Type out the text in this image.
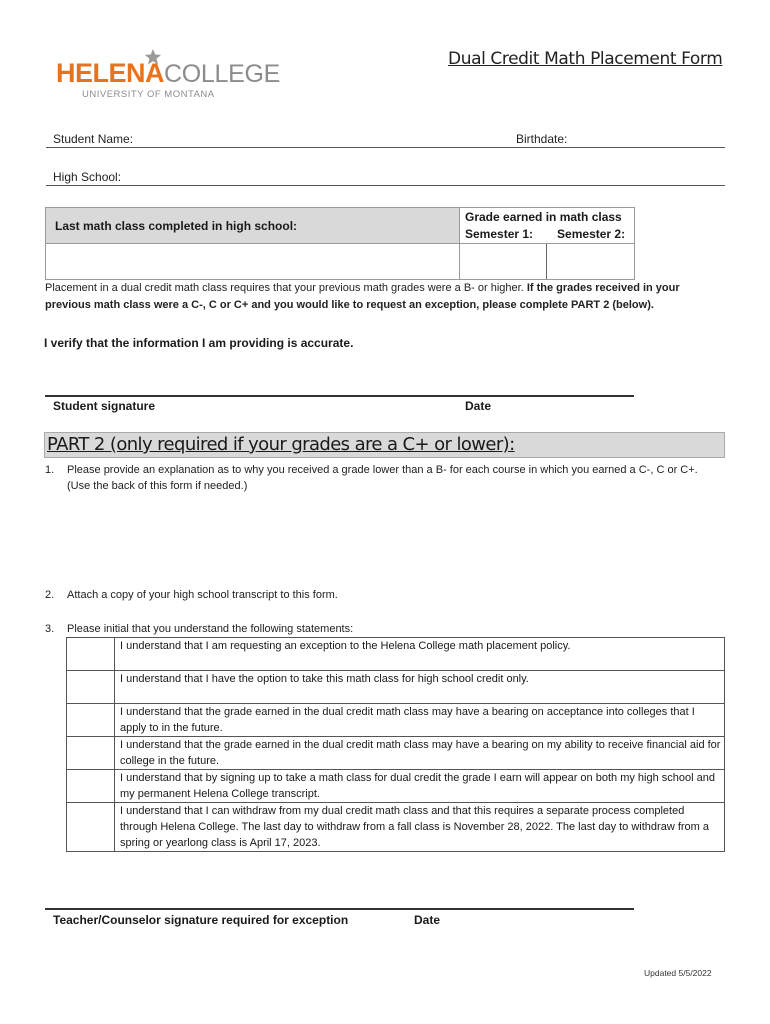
HELENACOLLEGE
UNIVERSITY OF MONTANA
Dual Credit Math Placement Form
Student Name:	Birthdate:
High School:
Last math class completed in high school:	Grade earned in math class
Semester 1: Semester 2:	

Placement in a dual credit math class requires that your previous math grades were a B- or higher. If the grades received in your previous math class were a C-, C or C+ and you would like to request an exception, please complete PART 2 (below).
I verify that the information I am providing is accurate.
Student signature	Date
PART 2 (only required if your grades are a C+ or lower):
1. Please provide an explanation as to why you received a grade lower than a B- for each course in which you earned a C-, C or C+.
(Use the back of this form if needed.)
2. Attach a copy of your high school transcript to this form.
3. Please initial that you understand the following statements:
	I understand that I am requesting an exception to the Helena College math placement policy.
	I understand that I have the option to take this math class for high school credit only.
	I understand that the grade earned in the dual credit math class may have a bearing on acceptance into colleges that I apply to in the future.
	I understand that the grade earned in the dual credit math class may have a bearing on my ability to receive financial aid for college in the future.
	I understand that by signing up to take a math class for dual credit the grade I earn will appear on both my high school and my permanent Helena College transcript.
	I understand that I can withdraw from my dual credit math class and that this requires a separate process completed through Helena College. The last day to withdraw from a fall class is November 28, 2022. The last day to withdraw from a spring or yearlong class is April 17, 2023.
Teacher/Counselor signature required for exception	Date
Updated 5/5/2022
